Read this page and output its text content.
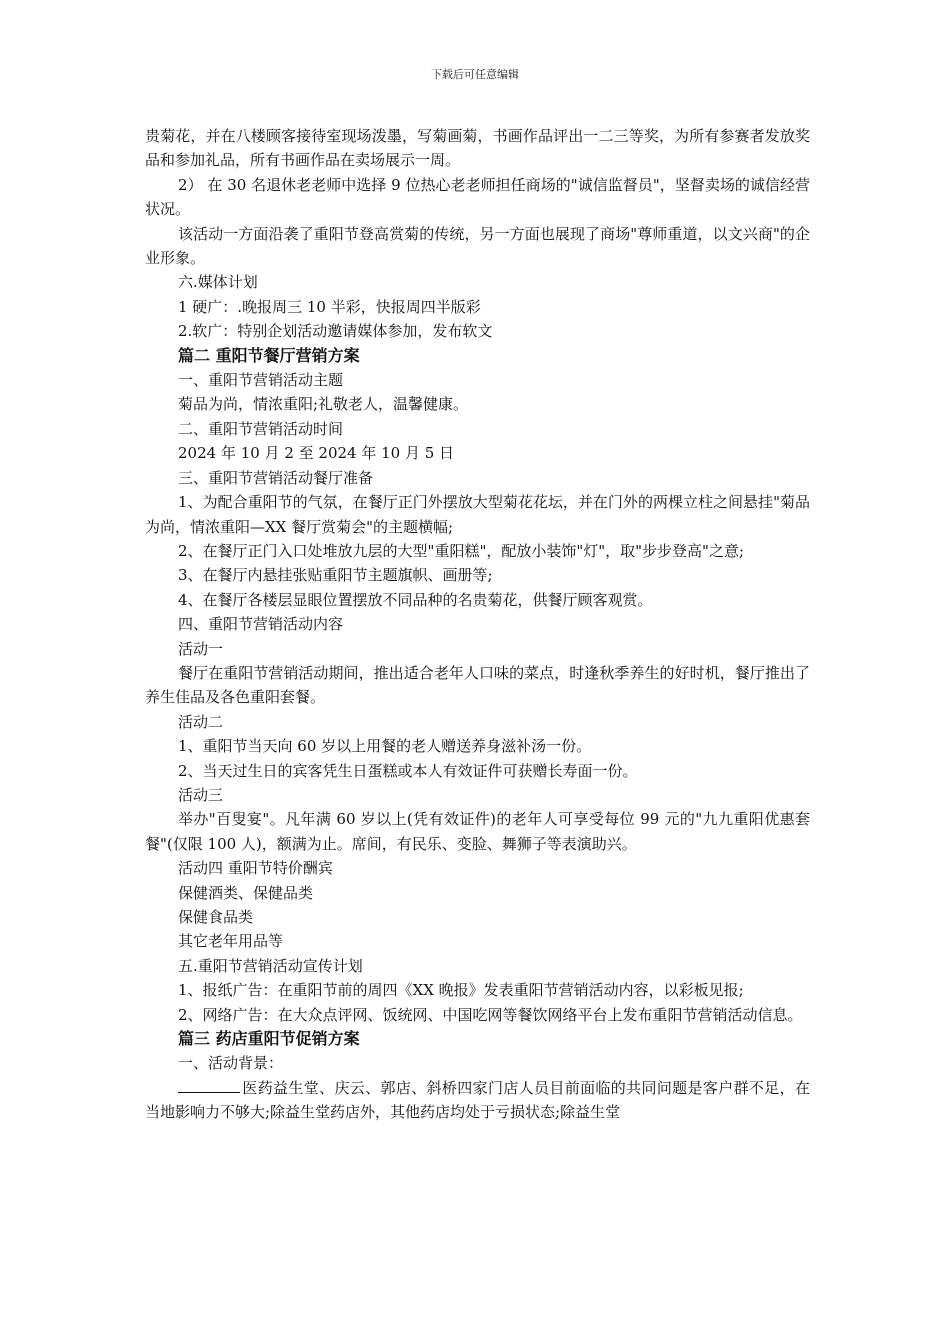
下载后可任意编辑

贵菊花，并在八楼顾客接待室现场泼墨，写菊画菊，书画作品评出一二三等奖，为所有参赛者发放奖品和参加礼品，所有书画作品在卖场展示一周。

2） 在 30 名退休老老师中选择 9 位热心老老师担任商场的"诚信监督员"，坚督卖场的诚信经营状况。

该活动一方面沿袭了重阳节登高赏菊的传统，另一方面也展现了商场"尊师重道，以文兴商"的企业形象。

六.媒体计划

1 硬广：.晚报周三 10 半彩，快报周四半版彩

2.软广：特别企划活动邀请媒体参加，发布软文

篇二 重阳节餐厅营销方案

一、重阳节营销活动主题

菊品为尚，情浓重阳;礼敬老人，温馨健康。

二、重阳节营销活动时间

2024 年 10 月 2 至 2024 年 10 月 5 日

三、重阳节营销活动餐厅准备

1、为配合重阳节的气氛，在餐厅正门外摆放大型菊花花坛，并在门外的两棵立柱之间悬挂"菊品为尚，情浓重阳—XX 餐厅赏菊会"的主题横幅;

2、在餐厅正门入口处堆放九层的大型"重阳糕"，配放小装饰"灯"，取"步步登高"之意;

3、在餐厅内悬挂张贴重阳节主题旗帜、画册等;

4、在餐厅各楼层显眼位置摆放不同品种的名贵菊花，供餐厅顾客观赏。

四、重阳节营销活动内容

活动一

餐厅在重阳节营销活动期间，推出适合老年人口味的菜点，时逢秋季养生的好时机，餐厅推出了养生佳品及各色重阳套餐。

活动二

1、重阳节当天向 60 岁以上用餐的老人赠送养身滋补汤一份。

2、当天过生日的宾客凭生日蛋糕或本人有效证件可获赠长寿面一份。

活动三

举办"百叟宴"。凡年满 60 岁以上(凭有效证件)的老年人可享受每位 99 元的"九九重阳优惠套餐"(仅限 100 人)，额满为止。席间，有民乐、变脸、舞狮子等表演助兴。

活动四 重阳节特价酬宾

保健酒类、保健品类

保健食品类

其它老年用品等

五.重阳节营销活动宣传计划

1、报纸广告：在重阳节前的周四《XX 晚报》发表重阳节营销活动内容，以彩板见报;

2、网络广告：在大众点评网、饭统网、中国吃网等餐饮网络平台上发布重阳节营销活动信息。

篇三 药店重阳节促销方案

一、活动背景：

医药益生堂、庆云、郭店、斜桥四家门店人员目前面临的共同问题是客户群不足，在当地影响力不够大;除益生堂药店外，其他药店均处于亏损状态;除益生堂
